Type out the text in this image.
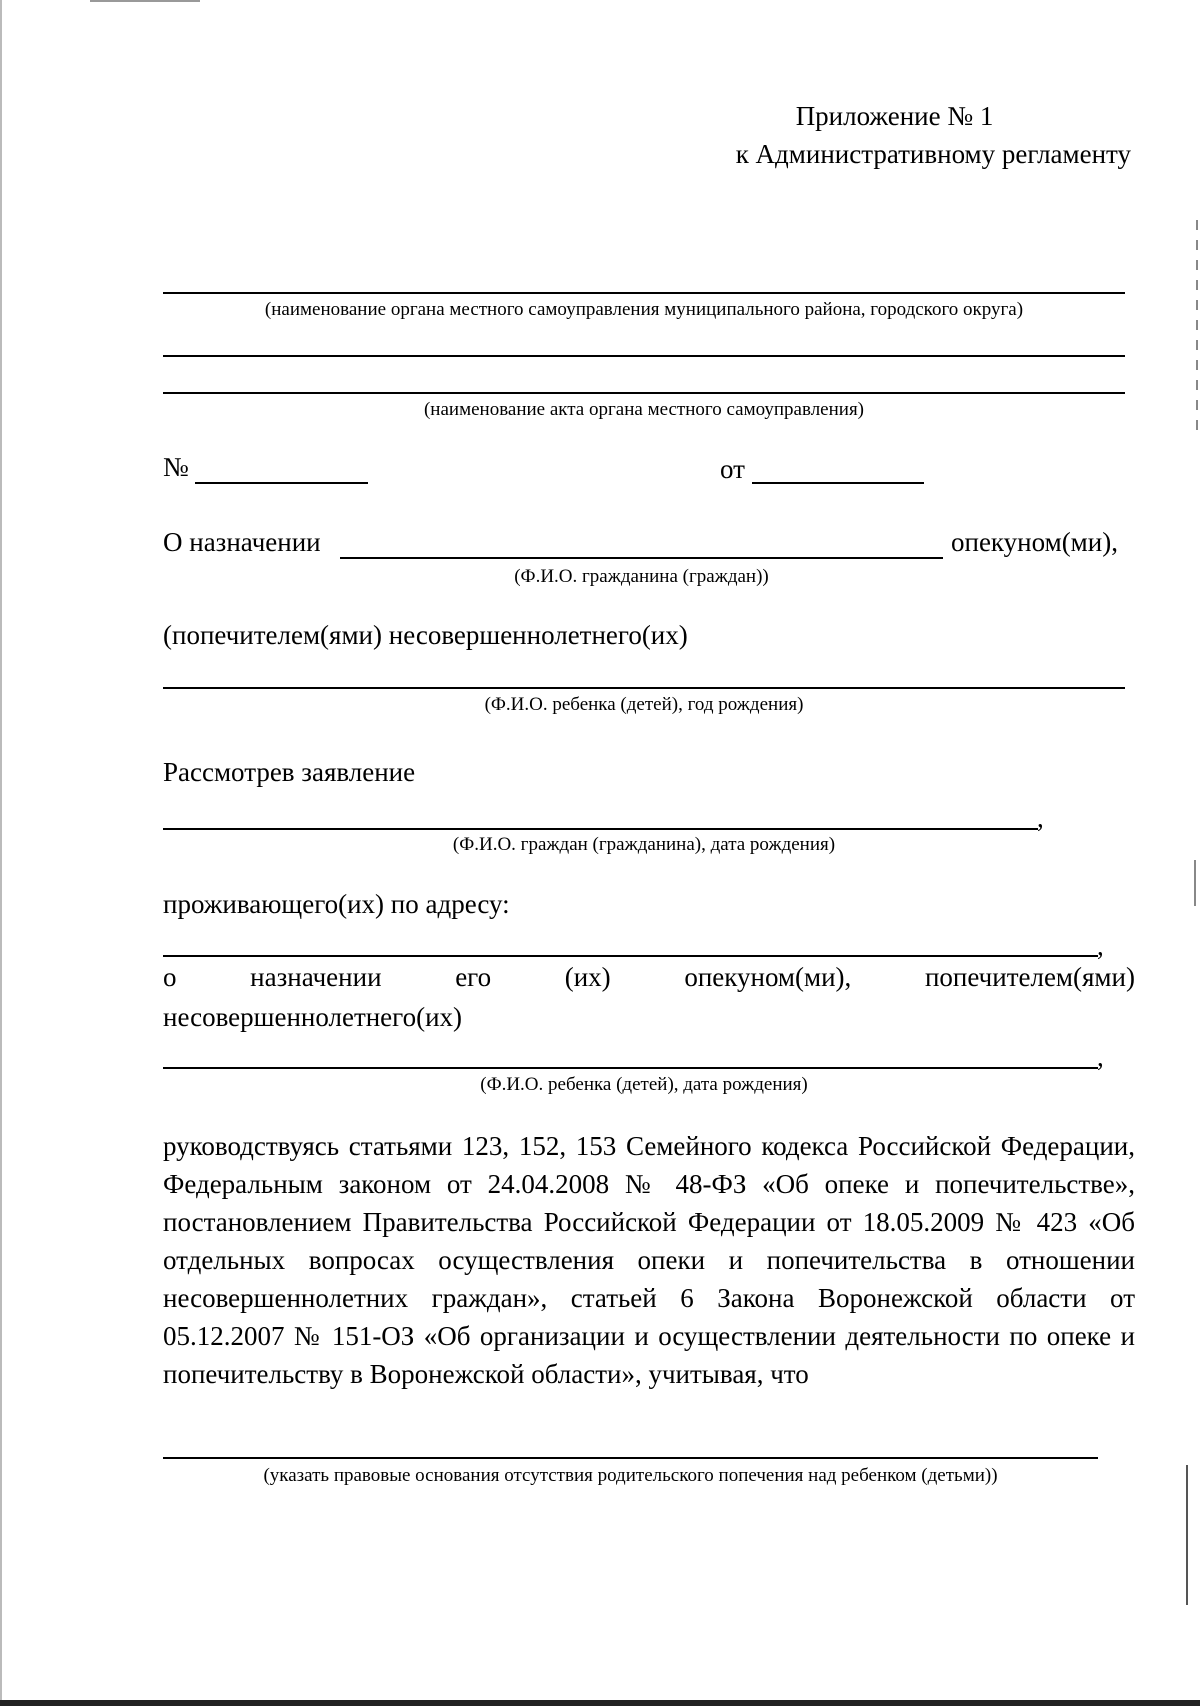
Приложение № 1
к Административному регламенту
(наименование органа местного самоуправления муниципального района, городского округа)
(наименование акта органа местного самоуправления)
№	от
О назначении	опекуном(ми),
(Ф.И.О. гражданина (граждан))
(попечителем(ями) несовершеннолетнего(их)
(Ф.И.О. ребенка (детей), год рождения)
Рассмотрев заявление
,
(Ф.И.О. граждан (гражданина), дата рождения)
проживающего(их) по адресу:
,
о	назначении	его	(их)	опекуном(ми),	попечителем(ями)
несовершеннолетнего(их)
,
(Ф.И.О. ребенка (детей), дата рождения)
руководствуясь статьями 123, 152, 153 Семейного кодекса Российской Федерации, Федеральным законом от 24.04.2008 № 48-ФЗ «Об опеке и попечительстве», постановлением Правительства Российской Федерации от 18.05.2009 № 423 «Об отдельных вопросах осуществления опеки и попечительства в отношении несовершеннолетних граждан», статьей 6 Закона Воронежской области от 05.12.2007 № 151-ОЗ «Об организации и осуществлении деятельности по опеке и попечительству в Воронежской области», учитывая, что
(указать правовые основания отсутствия родительского попечения над ребенком (детьми))
